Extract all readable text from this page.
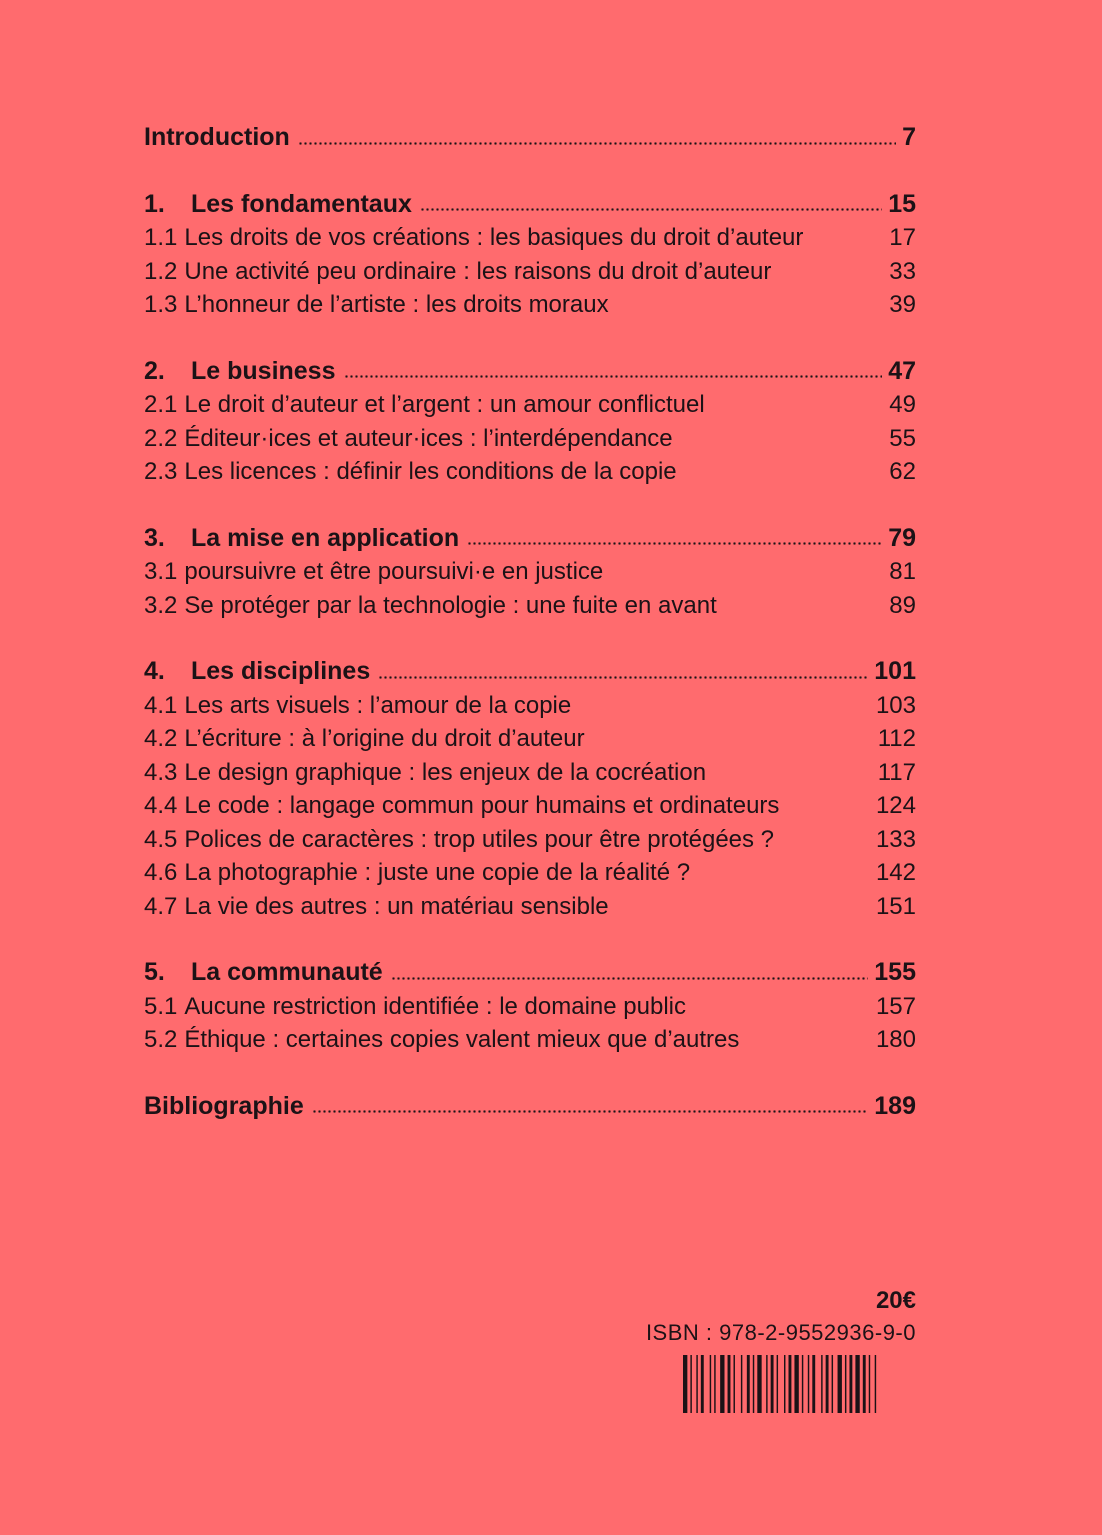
Introduction	7
1.	Les fondamentaux	15
1.1 Les droits de vos créations : les basiques du droit d’auteur	17
1.2 Une activité peu ordinaire : les raisons du droit d’auteur	33
1.3 L’honneur de l’artiste : les droits moraux	39
2.	Le business	47
2.1 Le droit d’auteur et l’argent : un amour conflictuel	49
2.2 Éditeur·ices et auteur·ices : l’interdépendance	55
2.3 Les licences : définir les conditions de la copie	62
3.	La mise en application	79
3.1 poursuivre et être poursuivi·e en justice	81
3.2 Se protéger par la technologie : une fuite en avant	89
4.	Les disciplines	101
4.1 Les arts visuels : l’amour de la copie	103
4.2 L’écriture : à l’origine du droit d’auteur	112
4.3 Le design graphique : les enjeux de la cocréation	117
4.4 Le code : langage commun pour humains et ordinateurs	124
4.5 Polices de caractères : trop utiles pour être protégées ?	133
4.6 La photographie : juste une copie de la réalité ?	142
4.7 La vie des autres : un matériau sensible	151
5.	La communauté	155
5.1 Aucune restriction identifiée : le domaine public	157
5.2 Éthique : certaines copies valent mieux que d’autres	180
Bibliographie	189
20€
ISBN : 978-2-9552936-9-0
